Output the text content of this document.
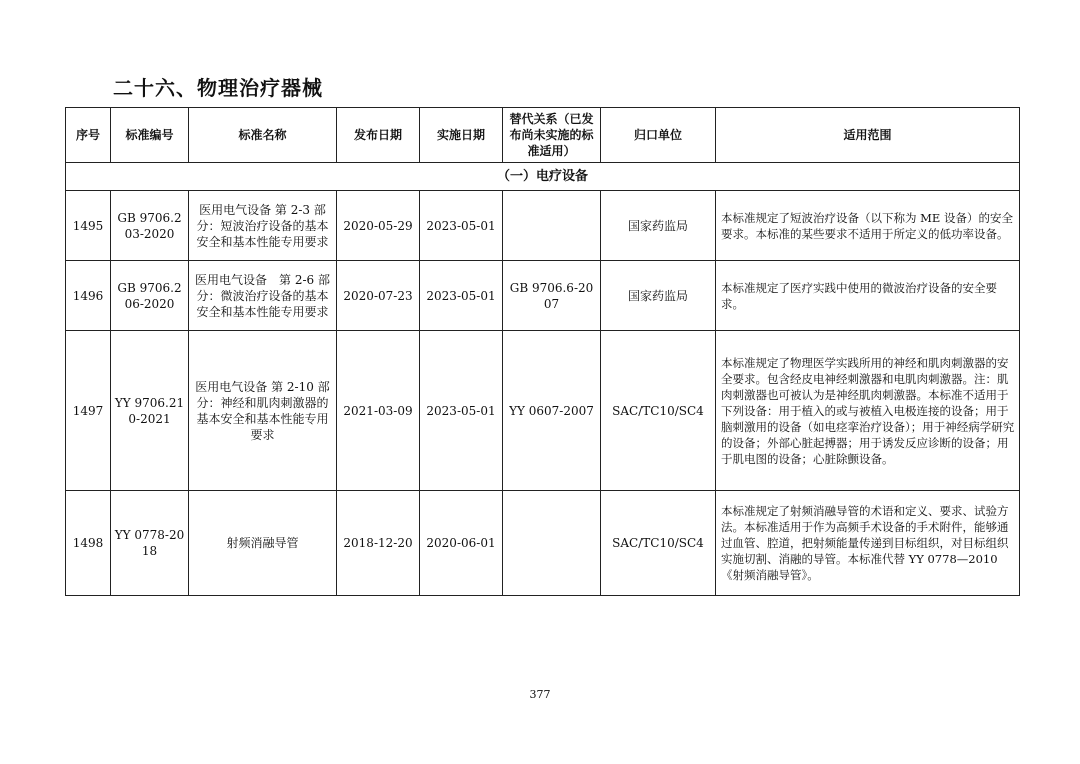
二十六、物理治疗器械
序号	标准编号	标准名称	发布日期	实施日期	替代关系（已发布尚未实施的标准适用）	归口单位	适用范围
（一）电疗设备							
1495	GB 9706.203-2020	医用电气设备 第 2-3 部分：短波治疗设备的基本安全和基本性能专用要求	2020-05-29	2023-05-01		国家药监局	本标准规定了短波治疗设备（以下称为 ME 设备）的安全要求。本标准的某些要求不适用于所定义的低功率设备。
1496	GB 9706.206-2020	医用电气设备　第 2-6 部分：微波治疗设备的基本安全和基本性能专用要求	2020-07-23	2023-05-01	GB 9706.6-2007	国家药监局	本标准规定了医疗实践中使用的微波治疗设备的安全要求。
1497	YY 9706.210-2021	医用电气设备 第 2-10 部分：神经和肌肉刺激器的基本安全和基本性能专用要求	2021-03-09	2023-05-01	YY 0607-2007	SAC/TC10/SC4	本标准规定了物理医学实践所用的神经和肌肉刺激器的安全要求。包含经皮电神经刺激器和电肌肉刺激器。注：肌肉刺激器也可被认为是神经肌肉刺激器。本标准不适用于下列设备：用于植入的或与被植入电极连接的设备；用于脑刺激用的设备（如电痉挛治疗设备）；用于神经病学研究的设备；外部心脏起搏器；用于诱发反应诊断的设备；用于肌电图的设备；心脏除颤设备。
1498	YY 0778-2018	射频消融导管	2018-12-20	2020-06-01		SAC/TC10/SC4	本标准规定了射频消融导管的术语和定义、要求、试验方法。本标准适用于作为高频手术设备的手术附件，能够通过血管、腔道，把射频能量传递到目标组织，对目标组织实施切割、消融的导管。本标准代替 YY 0778—2010《射频消融导管》。
377
